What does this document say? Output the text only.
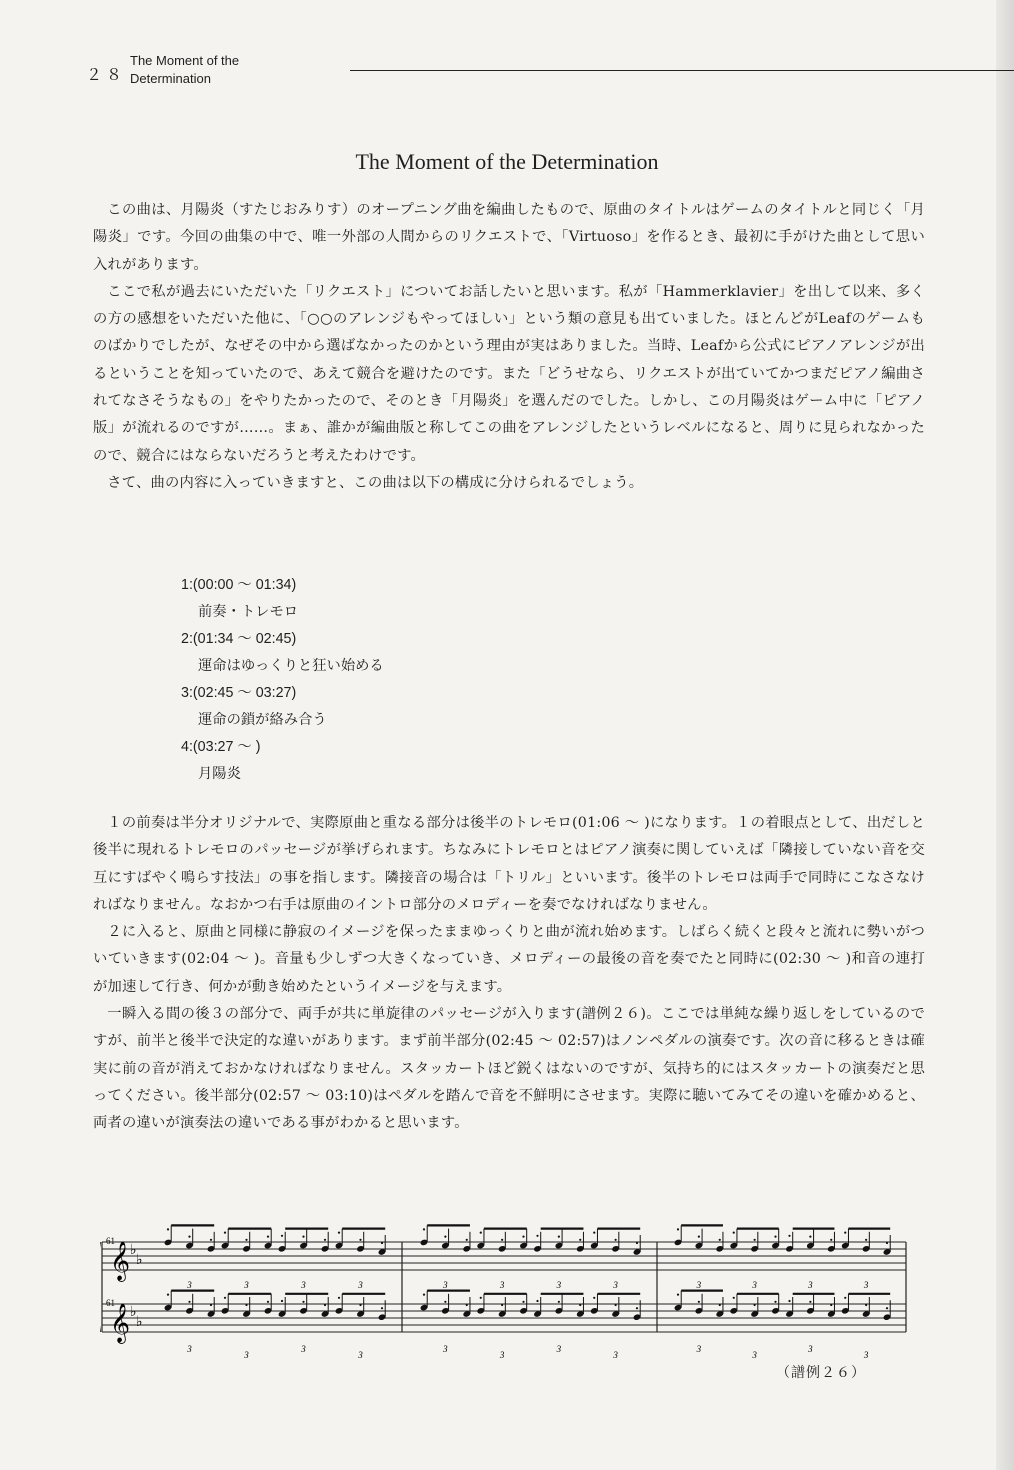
２８
The Moment of the
Determination
The Moment of the Determination

この曲は、月陽炎（すたじおみりす）のオープニング曲を編曲したもので、原曲のタイトルはゲームのタイトルと同じく「月陽炎」です。今回の曲集の中で、唯一外部の人間からのリクエストで、「Virtuoso」を作るとき、最初に手がけた曲として思い入れがあります。

ここで私が過去にいただいた「リクエスト」についてお話したいと思います。私が「Hammerklavier」を出して以来、多くの方の感想をいただいた他に、「○○のアレンジもやってほしい」という類の意見も出ていました。ほとんどがLeafのゲームものばかりでしたが、なぜその中から選ばなかったのかという理由が実はありました。当時、Leafから公式にピアノアレンジが出るということを知っていたので、あえて競合を避けたのです。また「どうせなら、リクエストが出ていてかつまだピアノ編曲されてなさそうなもの」をやりたかったので、そのとき「月陽炎」を選んだのでした。しかし、この月陽炎はゲーム中に「ピアノ版」が流れるのですが……。まぁ、誰かが編曲版と称してこの曲をアレンジしたというレベルになると、周りに見られなかったので、競合にはならないだろうと考えたわけです。

さて、曲の内容に入っていきますと、この曲は以下の構成に分けられるでしょう。

1:(00:00 ～ 01:34)
前奏・トレモロ
2:(01:34 ～ 02:45)
運命はゆっくりと狂い始める
3:(02:45 ～ 03:27)
運命の鎖が絡み合う
4:(03:27 ～ )
月陽炎

１の前奏は半分オリジナルで、実際原曲と重なる部分は後半のトレモロ(01:06 ～ )になります。１の着眼点として、出だしと後半に現れるトレモロのパッセージが挙げられます。ちなみにトレモロとはピアノ演奏に関していえば「隣接していない音を交互にすばやく鳴らす技法」の事を指します。隣接音の場合は「トリル」といいます。後半のトレモロは両手で同時にこなさなければなりません。なおかつ右手は原曲のイントロ部分のメロディーを奏でなければなりません。

２に入ると、原曲と同様に静寂のイメージを保ったままゆっくりと曲が流れ始めます。しばらく続くと段々と流れに勢いがついていきます(02:04 ～ )。音量も少しずつ大きくなっていき、メロディーの最後の音を奏でたと同時に(02:30 ～ )和音の連打が加速して行き、何かが動き始めたというイメージを与えます。

一瞬入る間の後３の部分で、両手が共に単旋律のパッセージが入ります(譜例２６)。ここでは単純な繰り返しをしているのですが、前半と後半で決定的な違いがあります。まず前半部分(02:45 ～ 02:57)はノンペダルの演奏です。次の音に移るときは確実に前の音が消えておかなければなりません。スタッカートほど鋭くはないのですが、気持ち的にはスタッカートの演奏だと思ってください。後半部分(02:57 ～ 03:10)はペダルを踏んで音を不鮮明にさせます。実際に聴いてみてその違いを確かめると、両者の違いが演奏法の違いである事がわかると思います。

61
61
𝄞 ♭
♭
𝄞 ♭
♭
3
3
3
3
3
3
3
3
3
3
3
3
3
3
3
3
3
3
3
3
3
3
3
3
（譜例２６）
